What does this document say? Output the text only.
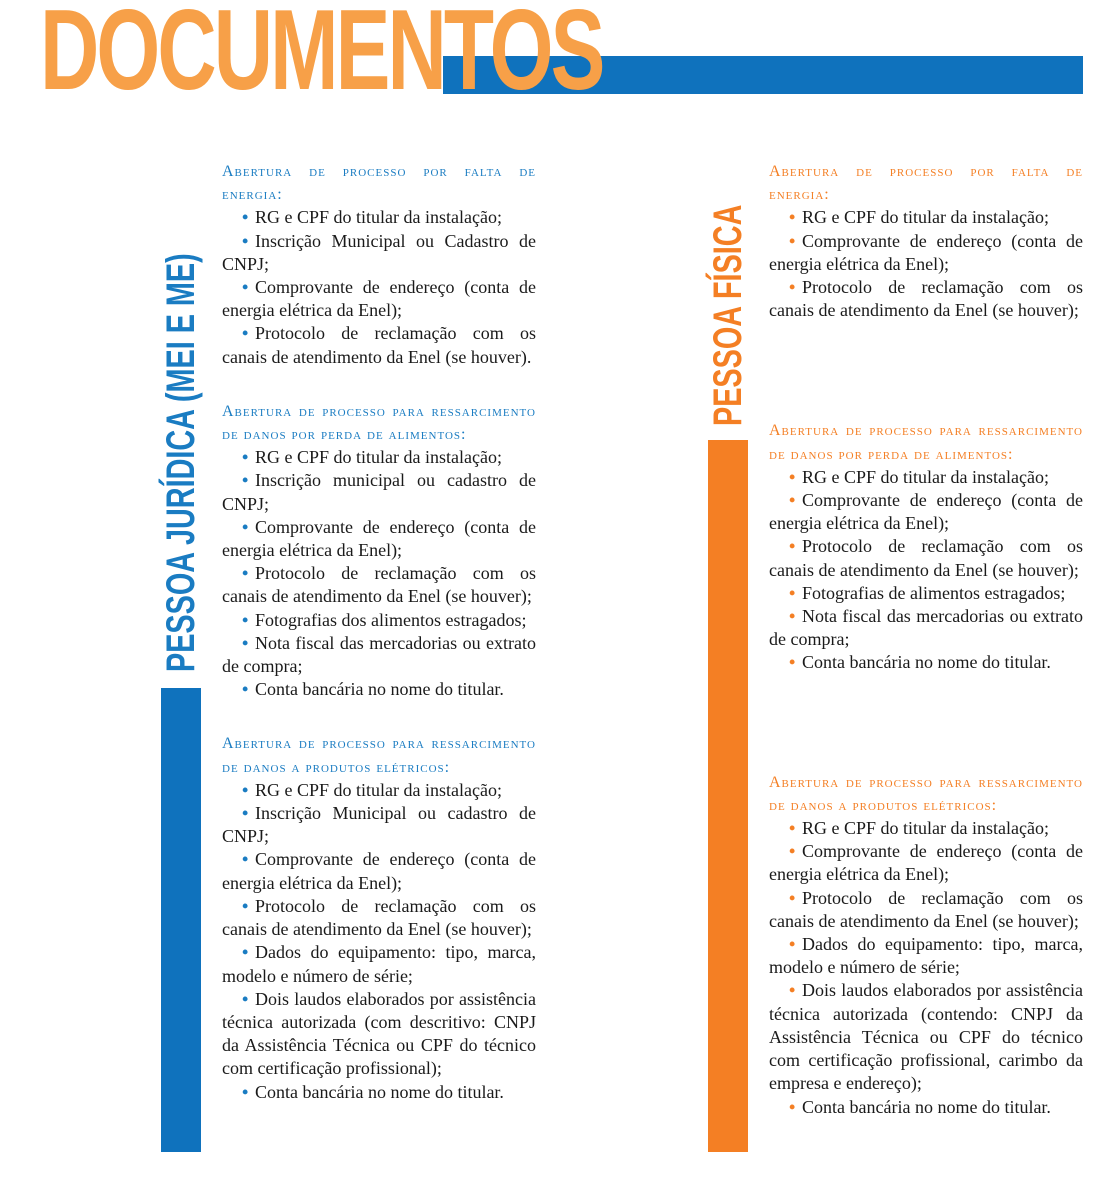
DOCUMENTOS
PESSOA JURÍDICA (MEI E ME)	PESSOA FÍSICA
Abertura de processo por falta de energia:
• RG e CPF do titular da instalação;
• Inscrição Municipal ou Cadastro de CNPJ;
• Comprovante de endereço (conta de energia elétrica da Enel);
• Protocolo de reclamação com os canais de atendimento da Enel (se houver).
Abertura de processo para ressarcimento de danos por perda de alimentos:
• RG e CPF do titular da instalação;
• Inscrição municipal ou cadastro de CNPJ;
• Comprovante de endereço (conta de energia elétrica da Enel);
• Protocolo de reclamação com os canais de atendimento da Enel (se houver);
• Fotografias dos alimentos estragados;
• Nota fiscal das mercadorias ou extrato de compra;
• Conta bancária no nome do titular.
Abertura de processo para ressarcimento de danos a produtos elétricos:
• RG e CPF do titular da instalação;
• Inscrição Municipal ou cadastro de CNPJ;
• Comprovante de endereço (conta de energia elétrica da Enel);
• Protocolo de reclamação com os canais de atendimento da Enel (se houver);
• Dados do equipamento: tipo, marca, modelo e número de série;
• Dois laudos elaborados por assistência técnica autorizada (com descritivo: CNPJ da Assistência Técnica ou CPF do técnico com certificação profissional);
• Conta bancária no nome do titular.
Abertura de processo por falta de energia:
• RG e CPF do titular da instalação;
• Comprovante de endereço (conta de energia elétrica da Enel);
• Protocolo de reclamação com os canais de atendimento da Enel (se houver);
Abertura de processo para ressarcimento de danos por perda de alimentos:
• RG e CPF do titular da instalação;
• Comprovante de endereço (conta de energia elétrica da Enel);
• Protocolo de reclamação com os canais de atendimento da Enel (se houver);
• Fotografias de alimentos estragados;
• Nota fiscal das mercadorias ou extrato de compra;
• Conta bancária no nome do titular.
Abertura de processo para ressarcimento de danos a produtos elétricos:
• RG e CPF do titular da instalação;
• Comprovante de endereço (conta de energia elétrica da Enel);
• Protocolo de reclamação com os canais de atendimento da Enel (se houver);
• Dados do equipamento: tipo, marca, modelo e número de série;
• Dois laudos elaborados por assistência técnica autorizada (contendo: CNPJ da Assistência Técnica ou CPF do técnico com certificação profissional, carimbo da empresa e endereço);
• Conta bancária no nome do titular.
